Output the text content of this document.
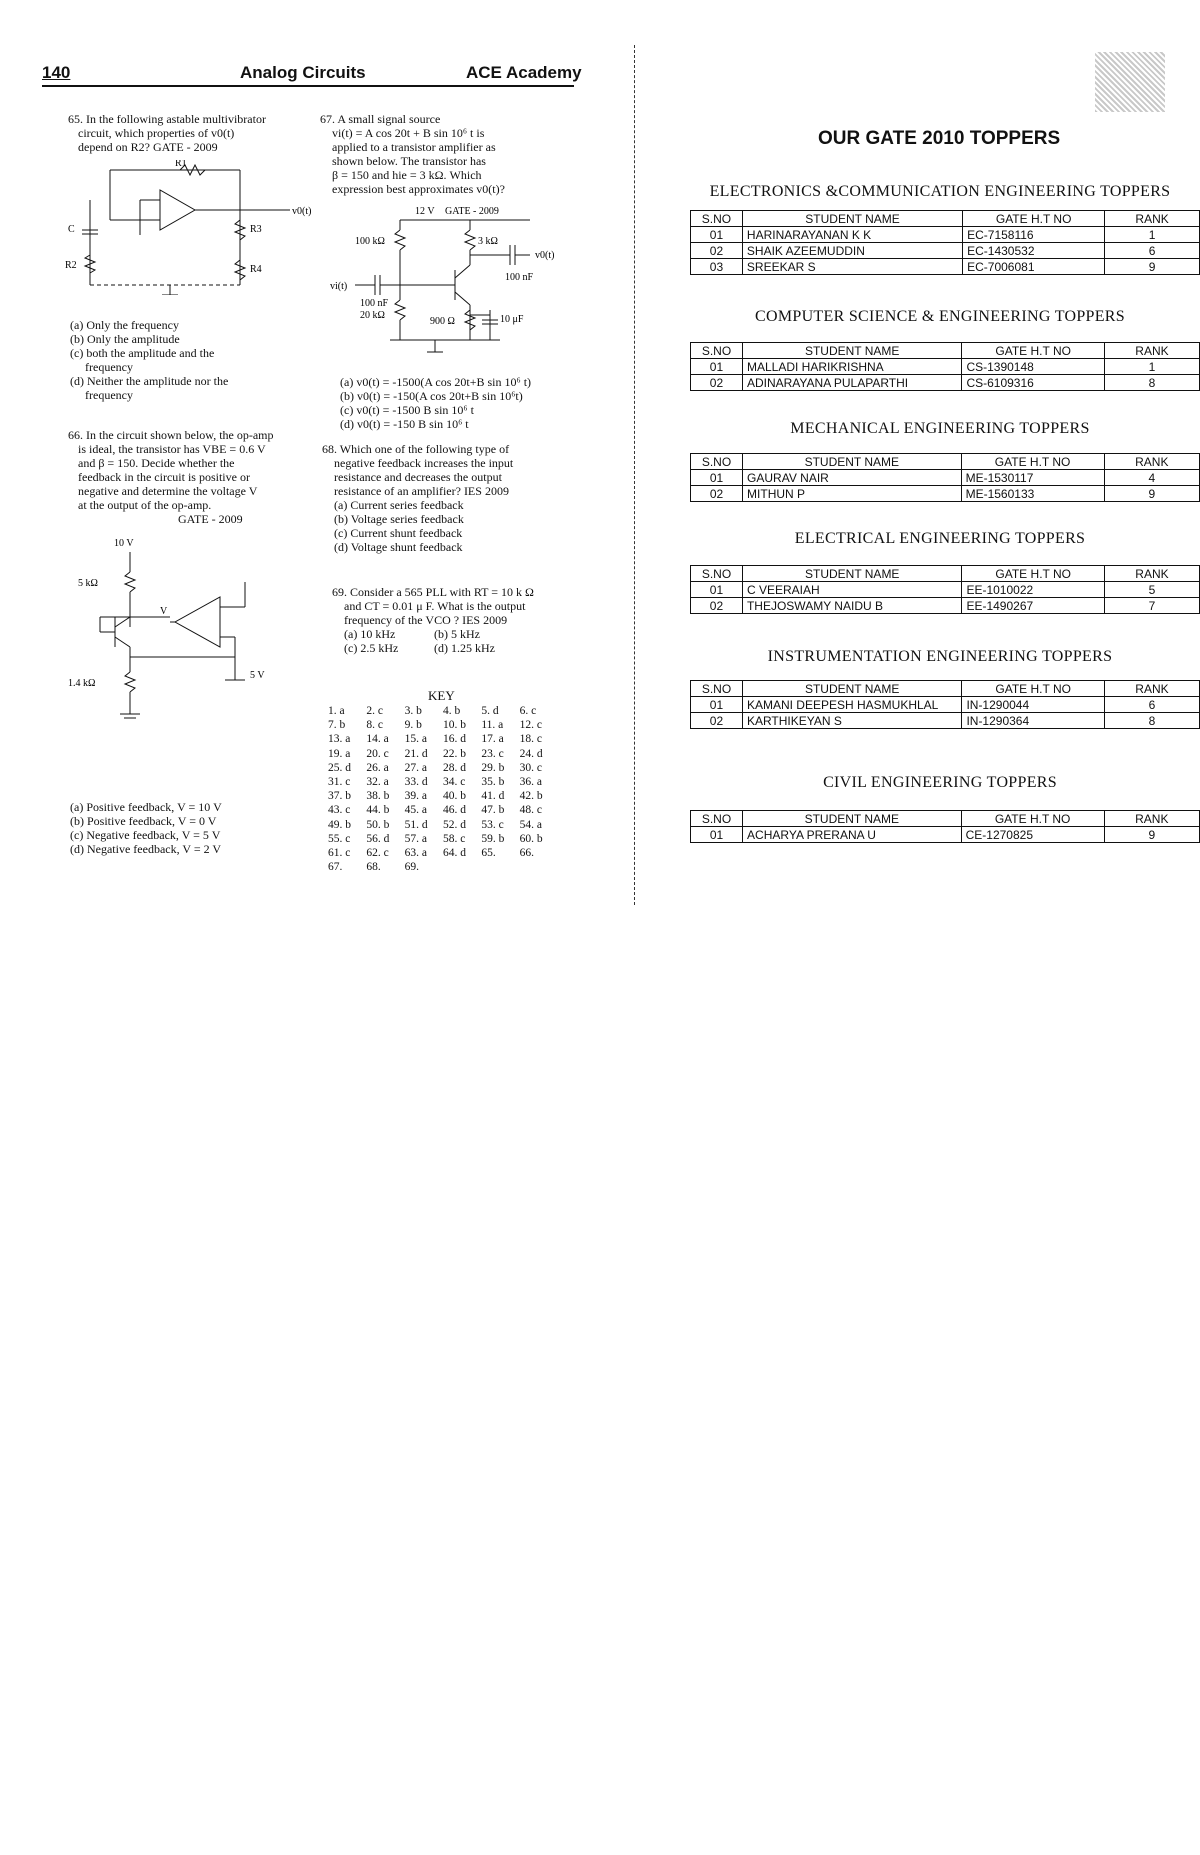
140	Analog Circuits	ACE Academy

65. In the following astable multivibrator

circuit, which properties of v0(t)

depend on R2? GATE - 2009

R1
C
R2
R3
R4
v0(t)

(a) Only the frequency

(b) Only the amplitude

(c) both the amplitude and the

frequency

(d) Neither the amplitude nor the

frequency

66. In the circuit shown below, the op-amp

is ideal, the transistor has VBE = 0.6 V

and β = 150. Decide whether the

feedback in the circuit is positive or

negative and determine the voltage V

at the output of the op-amp.

GATE - 2009

10 V
5 kΩ
1.4 kΩ
V
5 V

(a) Positive feedback, V = 10 V

(b) Positive feedback, V = 0 V

(c) Negative feedback, V = 5 V

(d) Negative feedback, V = 2 V

67. A small signal source

vi(t) = A cos 20t + B sin 10⁶ t is

applied to a transistor amplifier as

shown below. The transistor has

β = 150 and hie = 3 kΩ. Which

expression best approximates v0(t)?

12 V GATE - 2009
100 kΩ	3 kΩ
vi(t)
100 nF
20 kΩ
900 Ω	10 μF
100 nF
v0(t)

(a) v0(t) = -1500(A cos 20t+B sin 10⁶ t)

(b) v0(t) = -150(A cos 20t+B sin 10⁶t)

(c) v0(t) = -1500 B sin 10⁶ t

(d) v0(t) = -150 B sin 10⁶ t

68. Which one of the following type of

negative feedback increases the input

resistance and decreases the output

resistance of an amplifier? IES 2009

(a) Current series feedback

(b) Voltage series feedback

(c) Current shunt feedback

(d) Voltage shunt feedback

69. Consider a 565 PLL with RT = 10 k Ω

and CT = 0.01 μ F. What is the output

frequency of the VCO ? IES 2009

(a) 10 kHz	(b) 5 kHz
(c) 2.5 kHz	(d) 1.25 kHz
KEY
1. a	2. c	3. b	4. b	5. d	6. c
7. b	8. c	9. b	10. b	11. a	12. c
13. a	14. a	15. a	16. d	17. a	18. c
19. a	20. c	21. d	22. b	23. c	24. d
25. d	26. a	27. a	28. d	29. b	30. c
31. c	32. a	33. d	34. c	35. b	36. a
37. b	38. b	39. a	40. b	41. d	42. b
43. c	44. b	45. a	46. d	47. b	48. c
49. b	50. b	51. d	52. d	53. c	54. a
55. c	56. d	57. a	58. c	59. b	60. b
61. c	62. c	63. a	64. d	65.	66.
67.	68.	69.
OUR GATE 2010 TOPPERS
ELECTRONICS &COMMUNICATION ENGINEERING TOPPERS
S.NO	STUDENT NAME	GATE H.T NO	RANK
01	HARINARAYANAN K K	EC-7158116	1
02	SHAIK AZEEMUDDIN	EC-1430532	6
03	SREEKAR S	EC-7006081	9
COMPUTER SCIENCE & ENGINEERING TOPPERS
S.NO	STUDENT NAME	GATE H.T NO	RANK
01	MALLADI HARIKRISHNA	CS-1390148	1
02	ADINARAYANA PULAPARTHI	CS-6109316	8
MECHANICAL ENGINEERING TOPPERS
S.NO	STUDENT NAME	GATE H.T NO	RANK
01	GAURAV NAIR	ME-1530117	4
02	MITHUN P	ME-1560133	9
ELECTRICAL ENGINEERING TOPPERS
S.NO	STUDENT NAME	GATE H.T NO	RANK
01	C VEERAIAH	EE-1010022	5
02	THEJOSWAMY NAIDU B	EE-1490267	7
INSTRUMENTATION ENGINEERING TOPPERS
S.NO	STUDENT NAME	GATE H.T NO	RANK
01	KAMANI DEEPESH HASMUKHLAL	IN-1290044	6
02	KARTHIKEYAN S	IN-1290364	8
CIVIL ENGINEERING TOPPERS
S.NO	STUDENT NAME	GATE H.T NO	RANK
01	ACHARYA PRERANA U	CE-1270825	9
